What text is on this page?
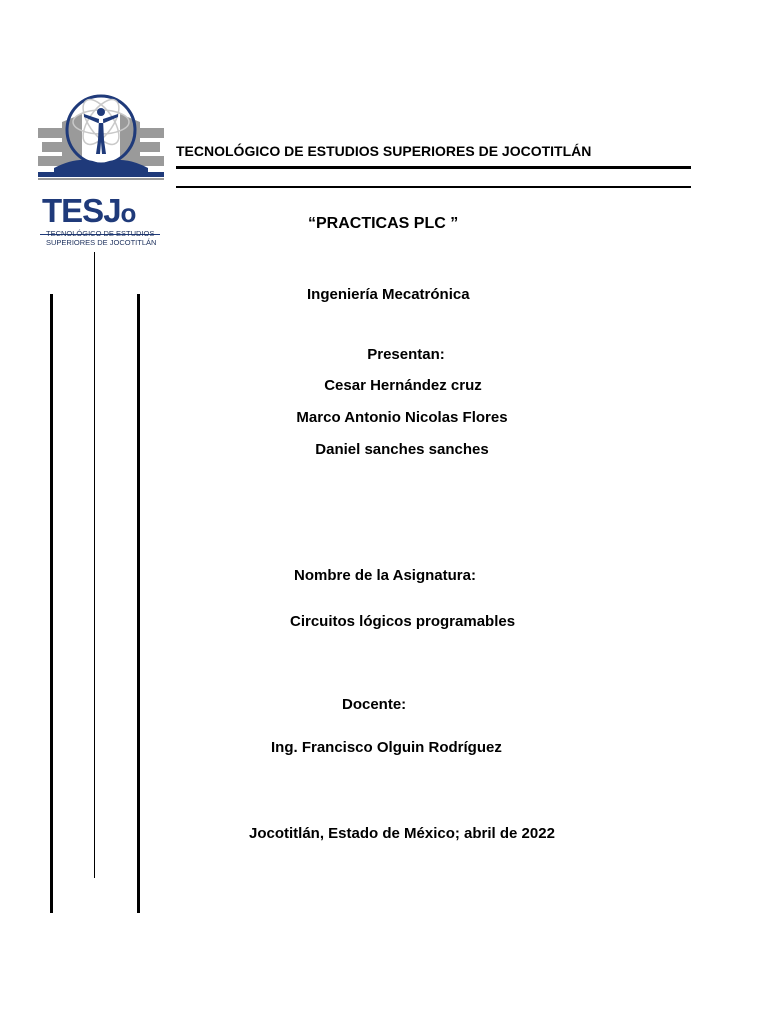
TESJo
TECNOLÓGICO DE ESTUDIOS
SUPERIORES DE JOCOTITLÁN
TECNOLÓGICO DE ESTUDIOS SUPERIORES DE JOCOTITLÁN
“PRACTICAS PLC ”
Ingeniería Mecatrónica
Presentan:
Cesar Hernández cruz
Marco Antonio Nicolas Flores
Daniel sanches sanches
Nombre de la Asignatura:
Circuitos lógicos programables
Docente:
Ing. Francisco Olguin Rodríguez
Jocotitlán, Estado de México; abril de 2022
